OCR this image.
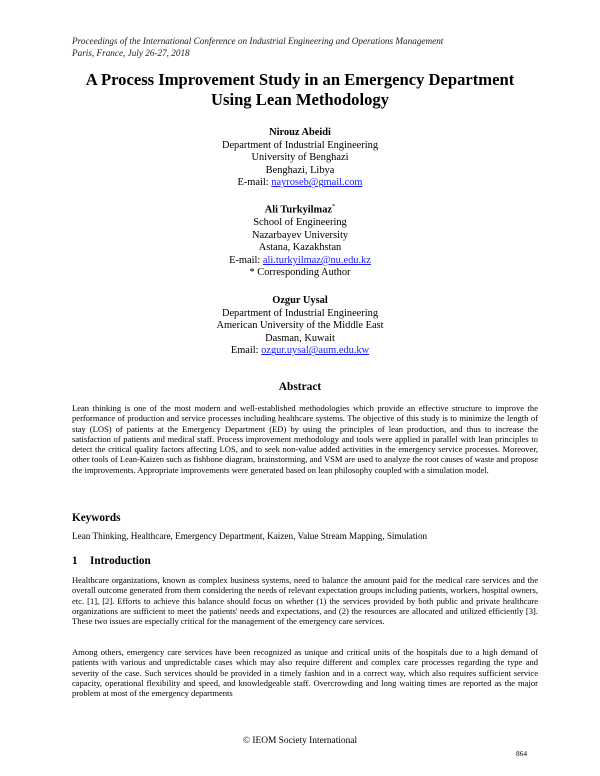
Proceedings of the International Conference on Industrial Engineering and Operations Management
Paris, France, July 26-27, 2018
A Process Improvement Study in an Emergency Department
Using Lean Methodology
Nirouz Abeidi
Department of Industrial Engineering
University of Benghazi
Benghazi, Libya
E-mail: nayroseb@gmail.com
Ali Turkyilmaz*
School of Engineering
Nazarbayev University
Astana, Kazakhstan
E-mail: ali.turkyilmaz@nu.edu.kz
* Corresponding Author
Ozgur Uysal
Department of Industrial Engineering
American University of the Middle East
Dasman, Kuwait
Email: ozgur.uysal@aum.edu.kw
Abstract
Lean thinking is one of the most modern and well-established methodologies which provide an effective structure to improve the performance of production and service processes including healthcare systems. The objective of this study is to minimize the length of stay (LOS) of patients at the Emergency Department (ED) by using the principles of lean production, and thus to increase the satisfaction of patients and medical staff. Process improvement methodology and tools were applied in parallel with lean principles to detect the critical quality factors affecting LOS, and to seek non-value added activities in the emergency service processes. Moreover, other tools of Lean-Kaizen such as fishbone diagram, brainstorming, and VSM are used to analyze the root causes of waste and propose the improvements. Appropriate improvements were generated based on lean philosophy coupled with a simulation model.
Keywords
Lean Thinking, Healthcare, Emergency Department, Kaizen, Value Stream Mapping, Simulation
1 Introduction
Healthcare organizations, known as complex business systems, need to balance the amount paid for the medical care services and the overall outcome generated from them considering the needs of relevant expectation groups including patients, workers, hospital owners, etc. [1], [2]. Efforts to achieve this balance should focus on whether (1) the services provided by both public and private healthcare organizations are sufficient to meet the patients' needs and expectations, and (2) the resources are allocated and utilized efficiently [3]. These two issues are especially critical for the management of the emergency care services.
Among others, emergency care services have been recognized as unique and critical units of the hospitals due to a high demand of patients with various and unpredictable cases which may also require different and complex care processes regarding the type and severity of the case. Such services should be provided in a timely fashion and in a correct way, which also requires sufficient service capacity, operational flexibility and speed, and knowledgeable staff. Overcrowding and long waiting times are reported as the major problem at most of the emergency departments
© IEOM Society International
864
